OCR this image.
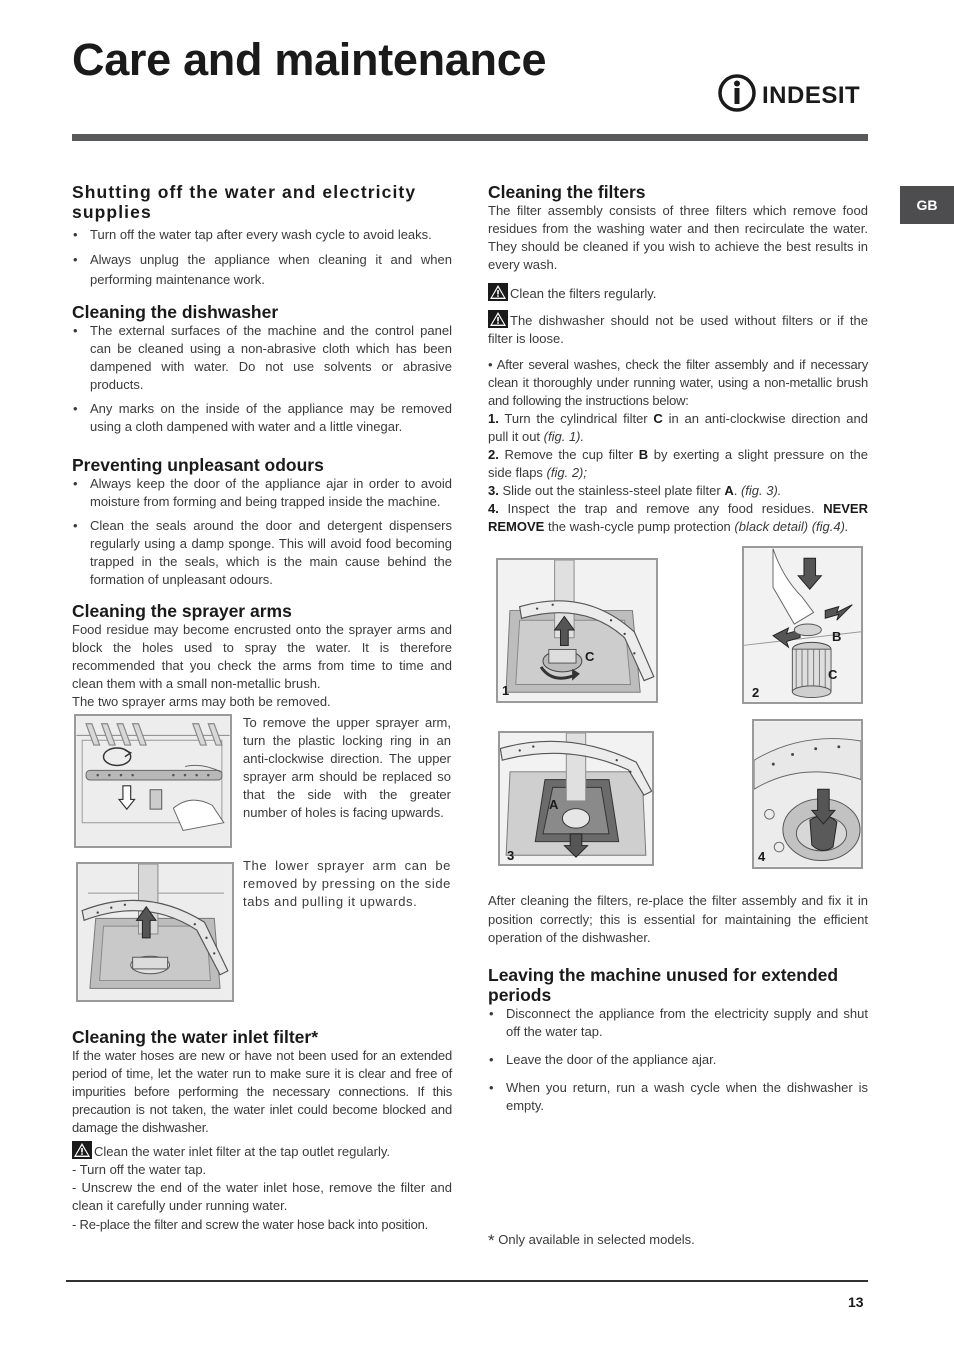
Care and maintenance
INDESIT
GB
Shutting off the water and electricity supplies
• Turn off the water tap after every wash cycle to avoid leaks.
• Always unplug the appliance when cleaning it and when performing maintenance work.
Cleaning the dishwasher
• The external surfaces of the machine and the control panel can be cleaned using a non-abrasive cloth which has been dampened with water. Do not use solvents or abrasive products.
• Any marks on the inside of the appliance may be removed using a cloth dampened with water and a little vinegar.
Preventing unpleasant odours
• Always keep the door of the appliance ajar in order to avoid moisture from forming and being trapped inside the machine.
• Clean the seals around the door and detergent dispensers regularly using a damp sponge. This will avoid food becoming trapped in the seals, which is the main cause behind the formation of unpleasant odours.
Cleaning the sprayer arms

Food residue may become encrusted onto the sprayer arms and block the holes used to spray the water. It is therefore recommended that you check the arms from time to time and clean them with a small non-metallic brush.

The two sprayer arms may both be removed.

To remove the upper sprayer arm, turn the plastic locking ring in an anti-clockwise direction. The upper sprayer arm should be replaced so that the side with the greater number of holes is facing upwards.

The lower sprayer arm can be removed by pressing on the side tabs and pulling it upwards.

Cleaning the water inlet filter*

If the water hoses are new or have not been used for an extended period of time, let the water run to make sure it is clear and free of impurities before performing the necessary connections. If this precaution is not taken, the water inlet could become blocked and damage the dishwasher.

Clean the water inlet filter at the tap outlet regularly.

- Turn off the water tap.

- Unscrew the end of the water inlet hose, remove the filter and clean it carefully under running water.

- Re-place the filter and screw the water hose back into position.

Cleaning the filters

The filter assembly consists of three filters which remove food residues from the washing water and then recirculate the water. They should be cleaned if you wish to achieve the best results in every wash.

Clean the filters regularly.

The dishwasher should not be used without filters or if the filter is loose.

• After several washes, check the filter assembly and if necessary clean it thoroughly under running water, using a non-metallic brush and following the instructions below:

1. Turn the cylindrical filter C in an anti-clockwise direction and pull it out (fig. 1).

2. Remove the cup filter B by exerting a slight pressure on the side flaps (fig. 2);

3. Slide out the stainless-steel plate filter A. (fig. 3).

4. Inspect the trap and remove any food residues. NEVER REMOVE the wash-cycle pump protection (black detail) (fig.4).

1
C
2
B
C
A
3	4

After cleaning the filters, re-place the filter assembly and fix it in position correctly; this is essential for maintaining the efficient operation of the dishwasher.

Leaving the machine unused for extended periods
• Disconnect the appliance from the electricity supply and shut off the water tap.
• Leave the door of the appliance ajar.
• When you return, run a wash cycle when the dishwasher is empty.
* Only available in selected models.
13
